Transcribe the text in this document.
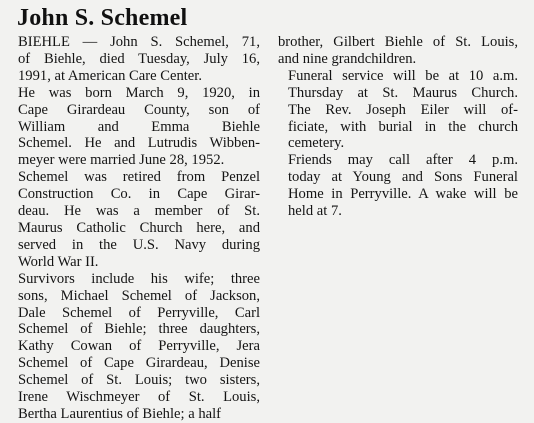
John S. Schemel
BIEHLE — John S. Schemel, 71,
of Biehle, died Tuesday, July 16,
1991, at American Care Center.
He was born March 9, 1920, in
Cape Girardeau County, son of
William and Emma Biehle
Schemel. He and Lutrudis Wibben-
meyer were married June 28, 1952.
Schemel was retired from Penzel
Construction Co. in Cape Girar-
deau. He was a member of St.
Maurus Catholic Church here, and
served in the U.S. Navy during
World War II.
Survivors include his wife; three
sons, Michael Schemel of Jackson,
Dale Schemel of Perryville, Carl
Schemel of Biehle; three daughters,
Kathy Cowan of Perryville, Jera
Schemel of Cape Girardeau, Denise
Schemel of St. Louis; two sisters,
Irene Wischmeyer of St. Louis,
Bertha Laurentius of Biehle; a half
brother, Gilbert Biehle of St. Louis,
and nine grandchildren.
Funeral service will be at 10 a.m.
Thursday at St. Maurus Church.
The Rev. Joseph Eiler will of-
ficiate, with burial in the church
cemetery.
Friends may call after 4 p.m.
today at Young and Sons Funeral
Home in Perryville. A wake will be
held at 7.
